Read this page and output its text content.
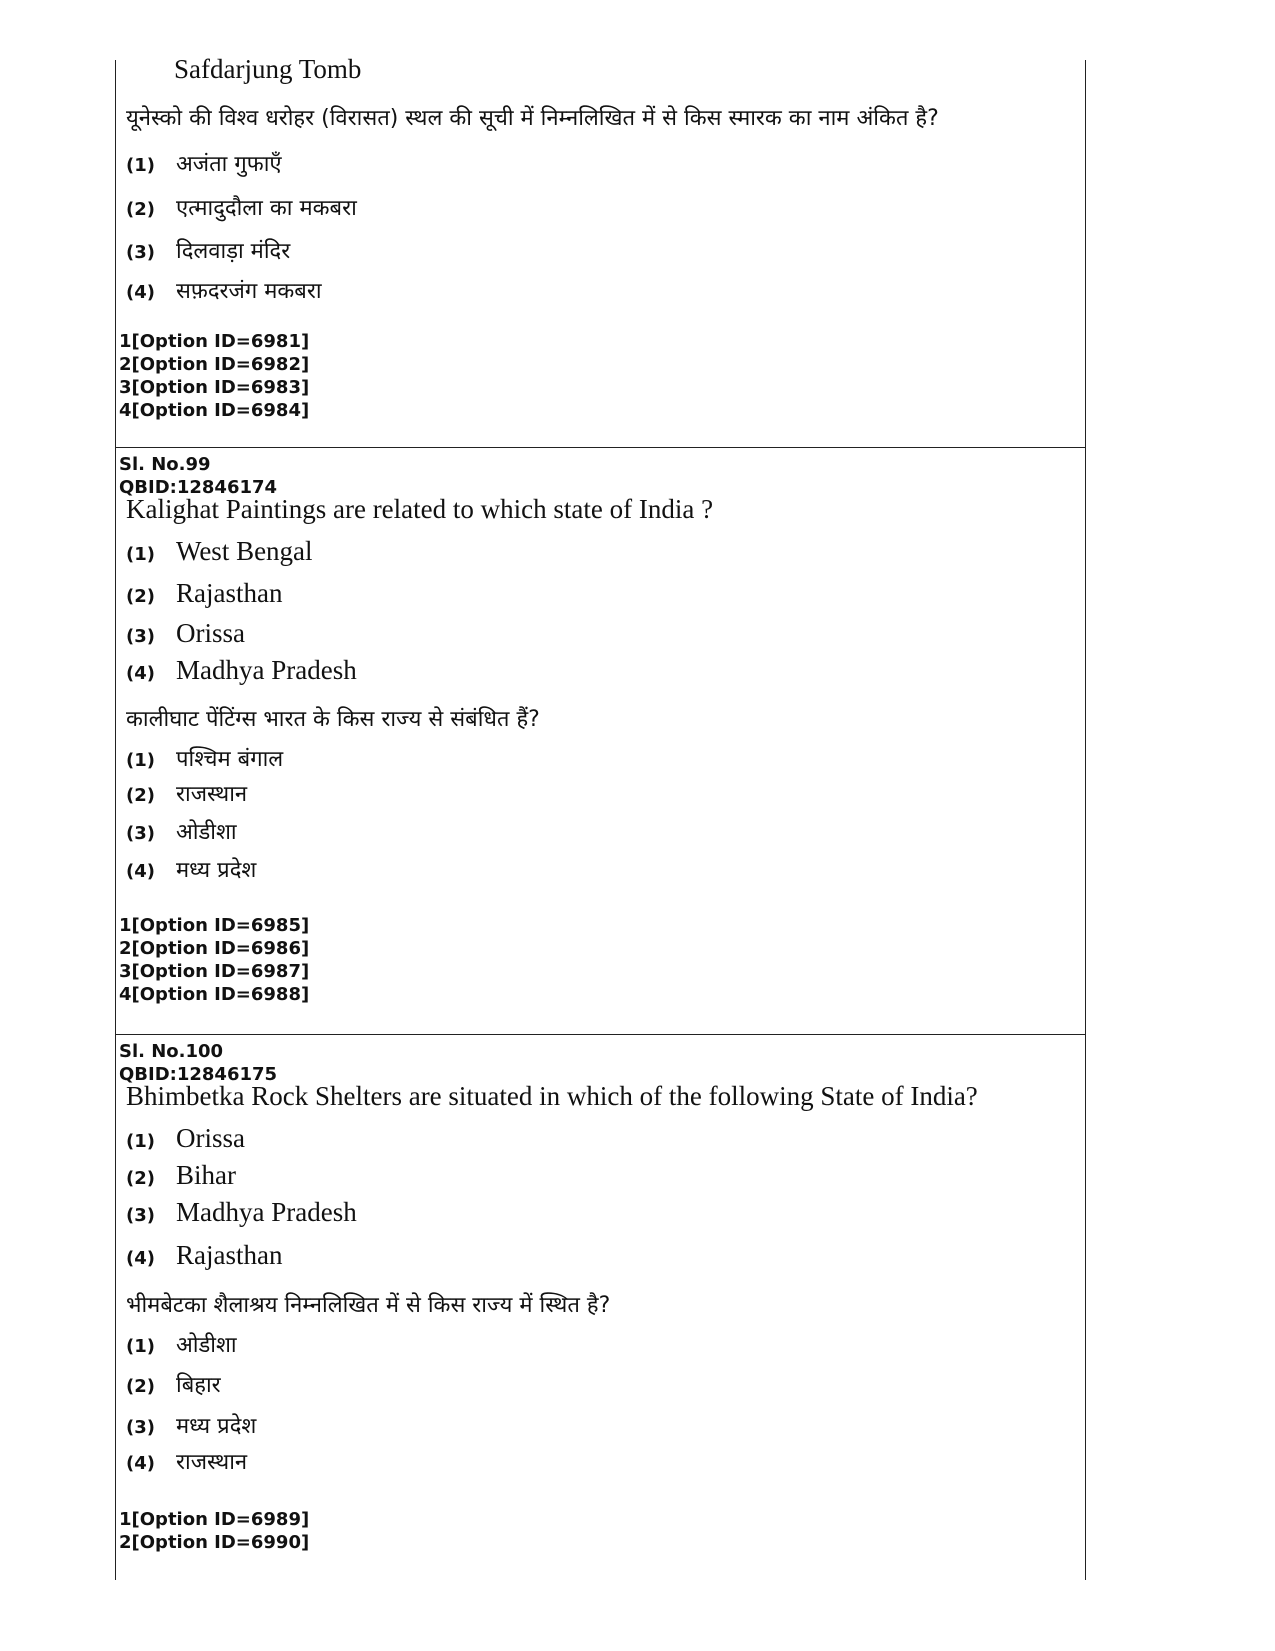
Safdarjung Tomb
यूनेस्को की विश्व धरोहर (विरासत) स्थल की सूची में निम्नलिखित में से किस स्मारक का नाम अंकित है?
(1) अजंता गुफाएँ
(2) एत्मादुदौला का मकबरा
(3) दिलवाड़ा मंदिर
(4) सफ़दरजंग मकबरा
1[Option ID=6981]
2[Option ID=6982]
3[Option ID=6983]
4[Option ID=6984]
Sl. No.99
QBID:12846174
Kalighat Paintings are related to which state of India ?
(1) West Bengal
(2) Rajasthan
(3) Orissa
(4) Madhya Pradesh
कालीघाट पेंटिंग्स भारत के किस राज्य से संबंधित हैं?
(1) पश्चिम बंगाल
(2) राजस्थान
(3) ओडीशा
(4) मध्य प्रदेश
1[Option ID=6985]
2[Option ID=6986]
3[Option ID=6987]
4[Option ID=6988]
Sl. No.100
QBID:12846175
Bhimbetka Rock Shelters are situated in which of the following State of India?
(1) Orissa
(2) Bihar
(3) Madhya Pradesh
(4) Rajasthan
भीमबेटका शैलाश्रय निम्नलिखित में से किस राज्य में स्थित है?
(1) ओडीशा
(2) बिहार
(3) मध्य प्रदेश
(4) राजस्थान
1[Option ID=6989]
2[Option ID=6990]
